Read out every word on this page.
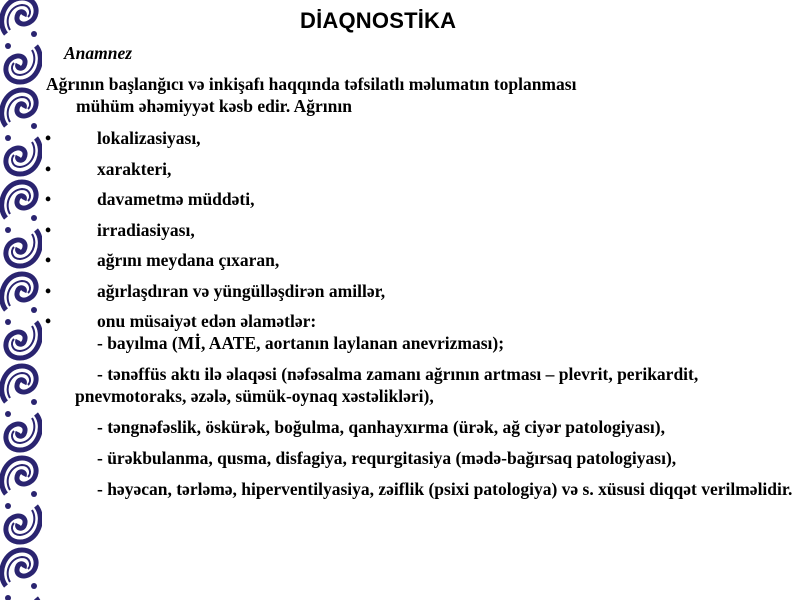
DİAQNOSTİKA
Anamnez
Ağrının başlanğıcı və inkişafı haqqında təfsilatlı məlumatın toplanması
mühüm əhəmiyyət kəsb edir. Ağrının
•	lokalizasiyası,
•	xarakteri,
•	davametmə müddəti,
•	irradiasiyası,
•	ağrını meydana çıxaran,
•	ağırlaşdıran və yüngülləşdirən amillər,
•	onu müsaiyət edən əlamətlər:
- bayılma (Mİ, AATE, aortanın laylanan anevrizması);
- tənəffüs aktı ilə əlaqəsi (nəfəsalma zamanı ağrının artması – plevrit, perikardit, pnevmotoraks, əzələ, sümük-oynaq xəstəlikləri),
- təngnəfəslik, öskürək, boğulma, qanhayxırma (ürək, ağ ciyər patologiyası),
- ürəkbulanma, qusma, disfagiya, requrgitasiya (mədə-bağırsaq patologiyası),
- həyəcan, tərləmə, hiperventilyasiya, zəiflik (psixi patologiya) və s. xüsusi diqqət verilməlidir.
